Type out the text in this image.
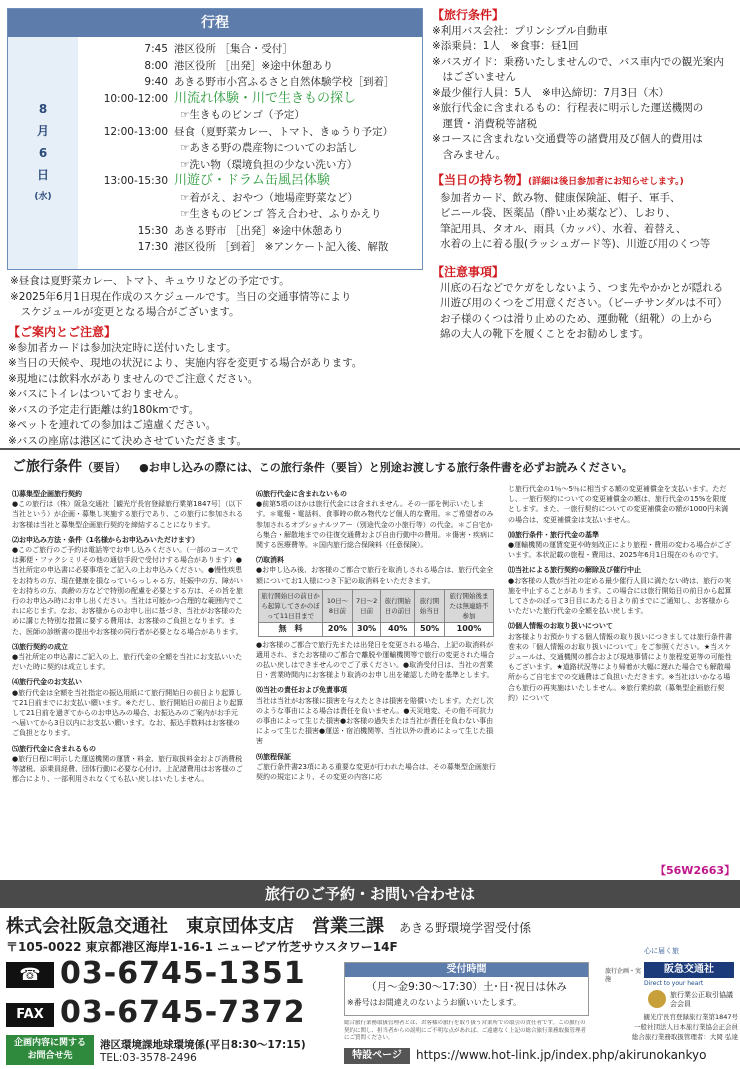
行程
8
月
6
日
(水)
7:45 港区役所 ［集合・受付］
8:00 港区役所 ［出発］※途中休憩あり
9:40 あきる野市小宮ふるさと自然体験学校［到着］
10:00-12:00 川流れ体験・川で生きもの探し
☞生きものビンゴ（予定）
12:00-13:00 昼食（夏野菜カレー、トマト、きゅうり予定）
☞あきる野の農産物についてのお話し
☞洗い物（環境負担の少ない洗い方）
13:00-15:30 川遊び・ドラム缶風呂体験
☞着がえ、おやつ（地場産野菜など）
☞生きものビンゴ 答え合わせ、ふりかえり
15:30 あきる野市 ［出発］※途中休憩あり
17:30 港区役所 ［到着］ ※アンケート記入後、解散
※昼食は夏野菜カレー、トマト、キュウリなどの予定です。
※2025年6月1日現在作成のスケジュールです。当日の交通事情等により
　スケジュールが変更となる場合がございます。
【ご案内とご注意】
※参加者カードは参加決定時に送付いたします。
※当日の天候や、現地の状況により、実施内容を変更する場合があります。
※現地には飲料水がありませんのでご注意ください。
※バスにトイレはついておりません。
※バスの予定走行距離は約180kmです。
※ペットを連れての参加はご遠慮ください。
※バスの座席は港区にて決めさせていただきます。
【旅行条件】
※利用バス会社：プリンシプル自動車
※添乗員：1人　※食事：昼1回
※バスガイド：乗務いたしませんので、バス車内での観光案内
　はございません
※最少催行人員：5人　※申込締切：7月3日（木）
※旅行代金に含まれるもの：行程表に明示した運送機関の
　運賃・消費税等諸税
※コースに含まれない交通費等の諸費用及び個人的費用は
　含みません。
【当日の持ち物】(詳細は後日参加者にお知らせします。)
参加者カード、飲み物、健康保険証、帽子、軍手、
ビニール袋、医薬品（酔い止め薬など）、しおり、
筆記用具、タオル、雨具（カッパ）、水着、着替え、
水着の上に着る服(ラッシュガード等)、川遊び用のくつ等
【注意事項】
川底の石などでケガをしないよう、つま先やかかとが隠れる
川遊び用のくつをご用意ください。（ビーチサンダルは不可）
お子様のくつは滑り止めのため、運動靴（紐靴）の上から
綿の大人の靴下を履くことをお勧めします。
ご旅行条件（要旨） ●お申し込みの際には、この旅行条件（要旨）と別途お渡しする旅行条件書を必ずお読みください。
⑴募集型企画旅行契約
●この旅行は（株）阪急交通社［観光庁長官登録旅行業第1847号］（以下当社という）が企画・募集し実施する旅行であり、この旅行に参加されるお客様は当社と募集型企画旅行契約を締結することになります。
⑵お申込み方法・条件（1名様からお申込みいただけます）
●このご旅行のご予約は電話等でお申し込みください。（一部のコースでは郵便・ファクシミリその他の通信手段で受付けする場合があります）●当社所定の申込書に必要事項をご記入の上お申込みください。●慢性疾患をお持ちの方、現在健康を損なっていらっしゃる方、妊娠中の方、障がいをお持ちの方、高齢の方などで特別の配慮を必要とする方は、その旨を旅行のお申込み時にお申し出ください。当社は可能かつ合理的な範囲内でこれに応じます。なお、お客様からのお申し出に基づき、当社がお客様のために講じた特別な措置に要する費用は、お客様のご負担となります。また、医師の診断書の提出やお客様の同行者が必要となる場合があります。
⑶旅行契約の成立
●当社所定の申込書にご記入の上、旅行代金の全額を当社にお支払いいただいた時に契約は成立します。
⑷旅行代金のお支払い
●旅行代金は全額を当社指定の振込用紙にて旅行開始日の前日より起算して21日前までにお支払い願います。※ただし、旅行開始日の前日より起算して21日前を過ぎてからのお申込みの場合、お振込みのご案内がお手元へ届いてから3日以内にお支払い願います。なお、振込手数料はお客様のご負担となります。
⑸旅行代金に含まれるもの
●旅行日程に明示した運送機関の運賃・料金、旅行取扱料金および消費税等諸税、添乗員経費、団体行動に必要な心付け。上記諸費用はお客様のご都合により、一部利用されなくても払い戻しはいたしません。
⑹旅行代金に含まれないもの
●前第5項のほかは旅行代金には含まれません。その一部を例示いたします。＊電報・電話料、食事時の飲み物代など個人的な費用。＊ご希望者のみ参加されるオプショナルツアー（別途代金の小旅行等）の代金。＊ご自宅から集合・解散地までの往復交通費および自由行動中の費用。＊傷害・疾病に関する医療費等。＊国内旅行総合保険料（任意保険）。
⑺取消料
●お申し込み後、お客様のご都合で旅行を取消しされる場合は、旅行代金全額についてお1人様につき下記の取消料をいただきます。
旅行開始日の前日から起算してさかのぼって11日目まで	10日〜8日前	7日〜2日前	旅行開始日の前日	旅行開始当日	旅行開始後または無連絡不参加
無　料	20%	30%	40%	50%	100%
●お客様のご都合で旅行先または出発日を変更される場合、上記の取消料が適用され、またお客様のご都合で離脱や運輸機関等で旅行の変更された場合の払い戻しはできませんのでご了承ください。●取消受付日は、当社の営業日・営業時間内にお客様より取消のお申し出を確認した時を基準とします。
⑻当社の責任および免責事項
当社は当社がお客様に損害を与えたときは損害を賠償いたします。ただし次のような事由による場合は責任を負いません。●天災地変、その他不可抗力の事由によって生じた損害●お客様の過失または当社が責任を負わない事由によって生じた損害●運送・宿泊機関等、当社以外の責めによって生じた損害
⑼旅程保証
ご旅行条件書23項にある重要な変更が行われた場合は、その募集型企画旅行契約の規定により、その変更の内容に応
じ旅行代金の1％〜5％に相当する額の変更補償金を支払います。ただし、一旅行契約についての変更補償金の額は、旅行代金の15%を限度とします。また、一旅行契約についての変更補償金の額が1000円未満の場合は、変更補償金は支払いません。
⑽旅行条件・旅行代金の基準
●運輸機関の運賃変更や時刻改正により旅程・費用の変わる場合がございます。本状記載の旅程・費用は、2025年6月1日現在のものです。
⑾当社による旅行契約の解除及び催行中止
●お客様の人数が当社の定める最少催行人員に満たない時は、旅行の実施を中止することがあります。この場合には旅行開始日の前日から起算してさかのぼって3日目にあたる日より前までにご通知し、お客様からいただいた旅行代金の全額を払い戻します。
⑿個人情報のお取り扱いについて
お客様よりお預かりする個人情報の取り扱いにつきましては旅行条件書巻末の「個人情報のお取り扱いについて」をご参照ください。★当スケジュールは、交通機関の都合および現地事情により旅程変更等の可能性もございます。★道路状況等により帰着が大幅に遅れた場合でも解散場所からご自宅までの交通費はご負担いただきます。※当社はいかなる場合も旅行の再実施はいたしません。※旅行業約款（募集型企画旅行契約）について
【56W2663】
旅行のご予約・お問い合わせは
株式会社阪急交通社　東京団体支店　営業三課 あきる野環境学習受付係
〒105-0022 東京都港区海岸1-16-1 ニューピア竹芝サウスタワー14F
☎ 03-6745-1351
FAX 03-6745-7372
受付時間
（月〜金9:30〜17:30）土･日･祝日は休み
※番号はお間違えのないようお願いいたします。
総合旅行業務取扱管理者とは、お客様の旅行を取り扱う営業所での取引の責任者です。この旅行の契約に関し、担当者からの説明にご不明な点があれば、ご遠慮なく上記の総合旅行業務取扱管理者にご質問ください。
企画内容に関する
お問合せ先
港区環境課地球環境係(平日8:30〜17:15)
TEL:03-3578-2496	特設ページ	https://www.hot-link.jp/index.php/akirunokankyo
旅行企画・実施
心に届く旅
阪急交通社
Direct to your heart
旅行業公正取引協議会会員
観光庁長官登録旅行業第1847号
一般社団法人日本旅行業協会正会員
総合旅行業務取扱管理者：大岡 弘達
